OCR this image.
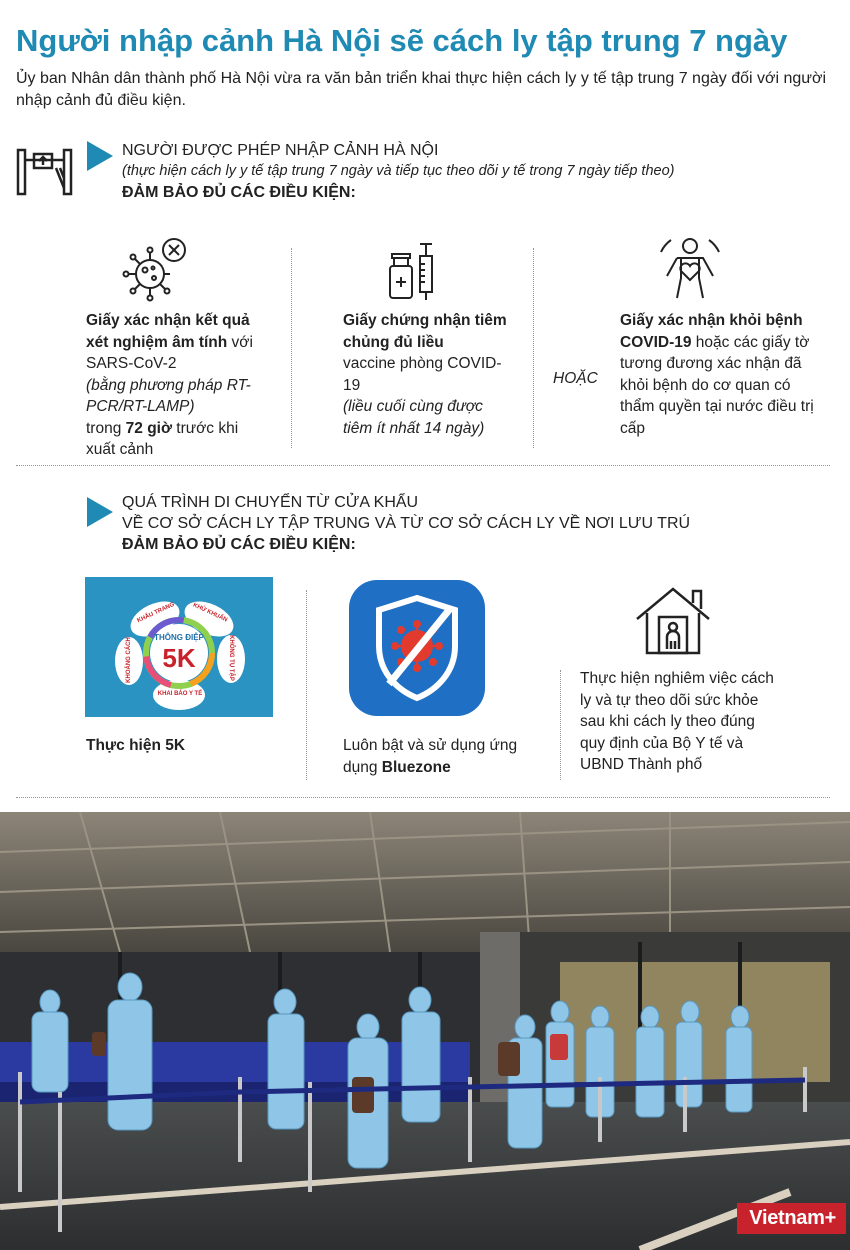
Người nhập cảnh Hà Nội sẽ cách ly tập trung 7 ngày
Ủy ban Nhân dân thành phố Hà Nội vừa ra văn bản triển khai thực hiện cách ly y tế tập trung 7 ngày đối với người nhập cảnh đủ điều kiện.
NGƯỜI ĐƯỢC PHÉP NHẬP CẢNH HÀ NỘI
(thực hiện cách ly y tế tập trung 7 ngày và tiếp tục theo dõi y tế trong 7 ngày tiếp theo)
ĐẢM BẢO ĐỦ CÁC ĐIỀU KIỆN:
Giấy xác nhận kết quả xét nghiệm âm tính với SARS-CoV-2
(bằng phương pháp RT-PCR/RT-LAMP)
trong 72 giờ trước khi xuất cảnh
Giấy chứng nhận tiêm chủng đủ liều
vaccine phòng COVID-19
(liều cuối cùng được tiêm ít nhất 14 ngày)
HOẶC
Giấy xác nhận khỏi bệnh COVID-19 hoặc các giấy tờ tương đương xác nhận đã khỏi bệnh do cơ quan có thẩm quyền tại nước điều trị cấp
QUÁ TRÌNH DI CHUYỂN TỪ CỬA KHẨU
VỀ CƠ SỞ CÁCH LY TẬP TRUNG VÀ TỪ CƠ SỞ CÁCH LY VỀ NƠI LƯU TRÚ
ĐẢM BẢO ĐỦ CÁC ĐIỀU KIỆN:
THÔNG ĐIỆP
5K
KHẨU TRANG	KHỬ KHUẨN
KHÔNG TỤ TẬP
KHAI BÁO Y TẾ
KHOẢNG CÁCH
Thực hiện 5K	Luôn bật và sử dụng ứng dụng Bluezone
Thực hiện nghiêm việc cách ly và tự theo dõi sức khỏe sau khi cách ly theo đúng quy định của Bộ Y tế và UBND Thành phố
Vietnam+
